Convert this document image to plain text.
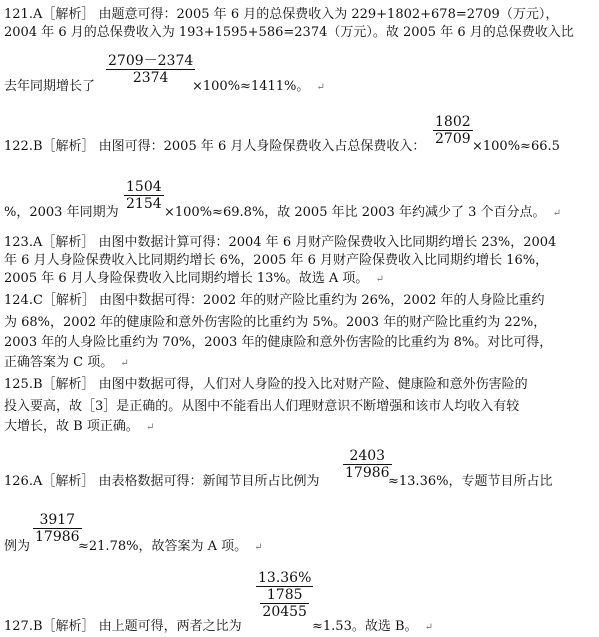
121.A［解析］ 由题意可得：2005 年 6 月的总保费收入为 229+1802+678=2709（万元），
2004 年 6 月的总保费收入为 193+1595+586=2374（万元）。故 2005 年 6 月的总保费收入比
去年同期增长了
2709－2374
2374
×100%≈1411%。 ↵
122.B［解析］ 由图可得：2005 年 6 月人身险保费收入占总保费收入：
1802
2709 ×100%≈66.5
%，2003 年同期为
1504
2154
×100%≈69.8%，故 2005 年比 2003 年约减少了 3 个百分点。 ↵
123.A［解析］ 由图中数据计算可得：2004 年 6 月财产险保费收入比同期约增长 23%，2004
年 6 月人身险保费收入比同期约增长 6%，2005 年 6 月财产险保费收入比同期约增长 16%，
2005 年 6 月人身险保费收入比同期约增长 13%。故选 A 项。 ↵
124.C［解析］ 由图中数据可得：2002 年的财产险比重约为 26%，2002 年的人身险比重约
为 68%，2002 年的健康险和意外伤害险的比重约为 5%。2003 年的财产险比重约为 22%，
2003 年的人身险比重约为 70%，2003 年的健康险和意外伤害险的比重约为 8%。对比可得，
正确答案为 C 项。 ↵
125.B［解析］ 由图中数据可得，人们对人身险的投入比对财产险、健康险和意外伤害险的
投入要高，故［3］是正确的。从图中不能看出人们理财意识不断增强和该市人均收入有较
大增长，故 B 项正确。 ↵
126.A［解析］ 由表格数据可得：新闻节目所占比例为
2403
17986
≈13.36%，专题节目所占比
例为
3917
17986
≈21.78%，故答案为 A 项。 ↵
127.B［解析］ 由上题可得，两者之比为
13.36%
$\frac{1785}{20455}$
≈1.53。故选 B。 ↵
